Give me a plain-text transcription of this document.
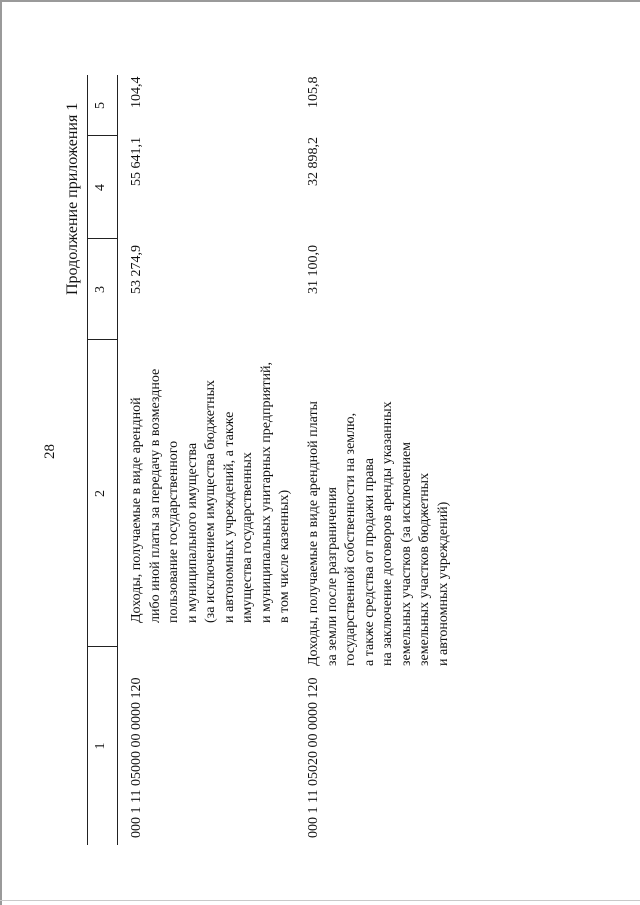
28
Продолжение приложения 1
1
2
3
4
5
000 1 11 05000 00 0000 120
Доходы, получаемые в виде арендной либо иной платы за передачу в возмездное пользование государственного и муниципального имущества (за исключением имущества бюджетных и автономных учреждений, а также имущества государственных и муниципальных унитарных предприятий, в том числе казенных)
53 274,9
55 641,1
104,4
000 1 11 05020 00 0000 120
Доходы, получаемые в виде арендной платы за земли после разграничения государственной собственности на землю, а также средства от продажи права на заключение договоров аренды указанных земельных участков (за исключением земельных участков бюджетных и автономных учреждений)
31 100,0
32 898,2
105,8
